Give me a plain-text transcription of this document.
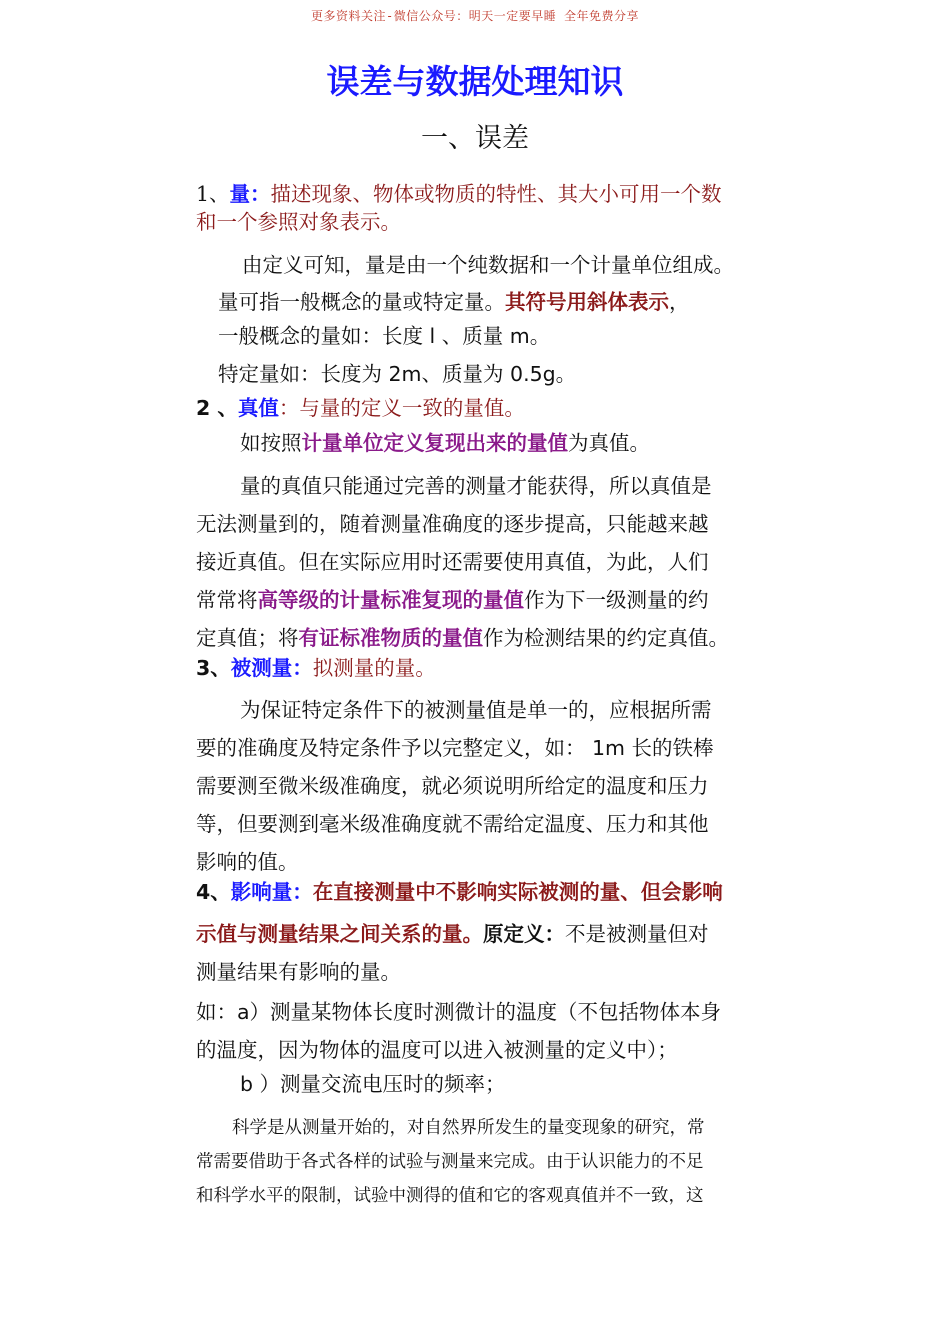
更多资料关注-微信公众号：明天一定要早睡 全年免费分享
误差与数据处理知识
一、误差
1、量：描述现象、物体或物质的特性、其大小可用一个数
和一个参照对象表示。
由定义可知，量是由一个纯数据和一个计量单位组成。
量可指一般概念的量或特定量。其符号用斜体表示，
一般概念的量如：长度 l 、质量 m。
特定量如：长度为 2m、质量为 0.5g。
2 、真值：与量的定义一致的量值。
如按照计量单位定义复现出来的量值为真值。
量的真值只能通过完善的测量才能获得，所以真值是
无法测量到的，随着测量准确度的逐步提高，只能越来越
接近真值。但在实际应用时还需要使用真值，为此，人们
常常将高等级的计量标准复现的量值作为下一级测量的约
定真值；将有证标准物质的量值作为检测结果的约定真值。
3、被测量：拟测量的量。
为保证特定条件下的被测量值是单一的，应根据所需
要的准确度及特定条件予以完整定义，如： 1m 长的铁棒
需要测至微米级准确度，就必须说明所给定的温度和压力
等，但要测到毫米级准确度就不需给定温度、压力和其他
影响的值。
4、影响量：在直接测量中不影响实际被测的量、但会影响
示值与测量结果之间关系的量。原定义：不是被测量但对
测量结果有影响的量。
如：a）测量某物体长度时测微计的温度（不包括物体本身
的温度，因为物体的温度可以进入被测量的定义中）；
b ）测量交流电压时的频率；
科学是从测量开始的，对自然界所发生的量变现象的研究，常
常需要借助于各式各样的试验与测量来完成。由于认识能力的不足
和科学水平的限制，试验中测得的值和它的客观真值并不一致，这
